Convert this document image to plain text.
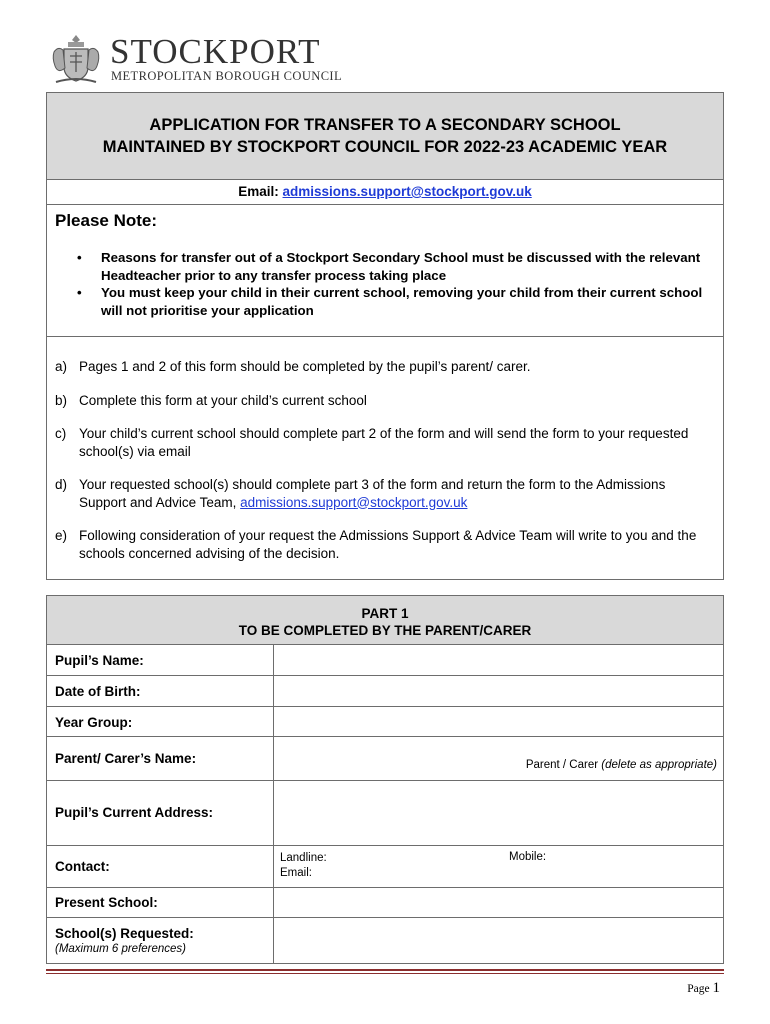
STOCKPORT
METROPOLITAN BOROUGH COUNCIL
APPLICATION FOR TRANSFER TO A SECONDARY SCHOOL
MAINTAINED BY STOCKPORT COUNCIL FOR 2022-23 ACADEMIC YEAR
Email: admissions.support@stockport.gov.uk
Please Note:
• Reasons for transfer out of a Stockport Secondary School must be discussed with the relevant Headteacher prior to any transfer process taking place
• You must keep your child in their current school, removing your child from their current school will not prioritise your application
a) Pages 1 and 2 of this form should be completed by the pupil’s parent/ carer.
b) Complete this form at your child’s current school
c) Your child’s current school should complete part 2 of the form and will send the form to your requested school(s) via email
d) Your requested school(s) should complete part 3 of the form and return the form to the Admissions Support and Advice Team, admissions.support@stockport.gov.uk
e) Following consideration of your request the Admissions Support & Advice Team will write to you and the schools concerned advising of the decision.
PART 1
TO BE COMPLETED BY THE PARENT/CARER
Pupil’s Name:
Date of Birth:
Year Group:
Parent/ Carer’s Name:	Parent / Carer (delete as appropriate)
Pupil’s Current Address:
Contact:
Landline:
Email:
Mobile:
Present School:
School(s) Requested:
(Maximum 6 preferences)
Page 1
